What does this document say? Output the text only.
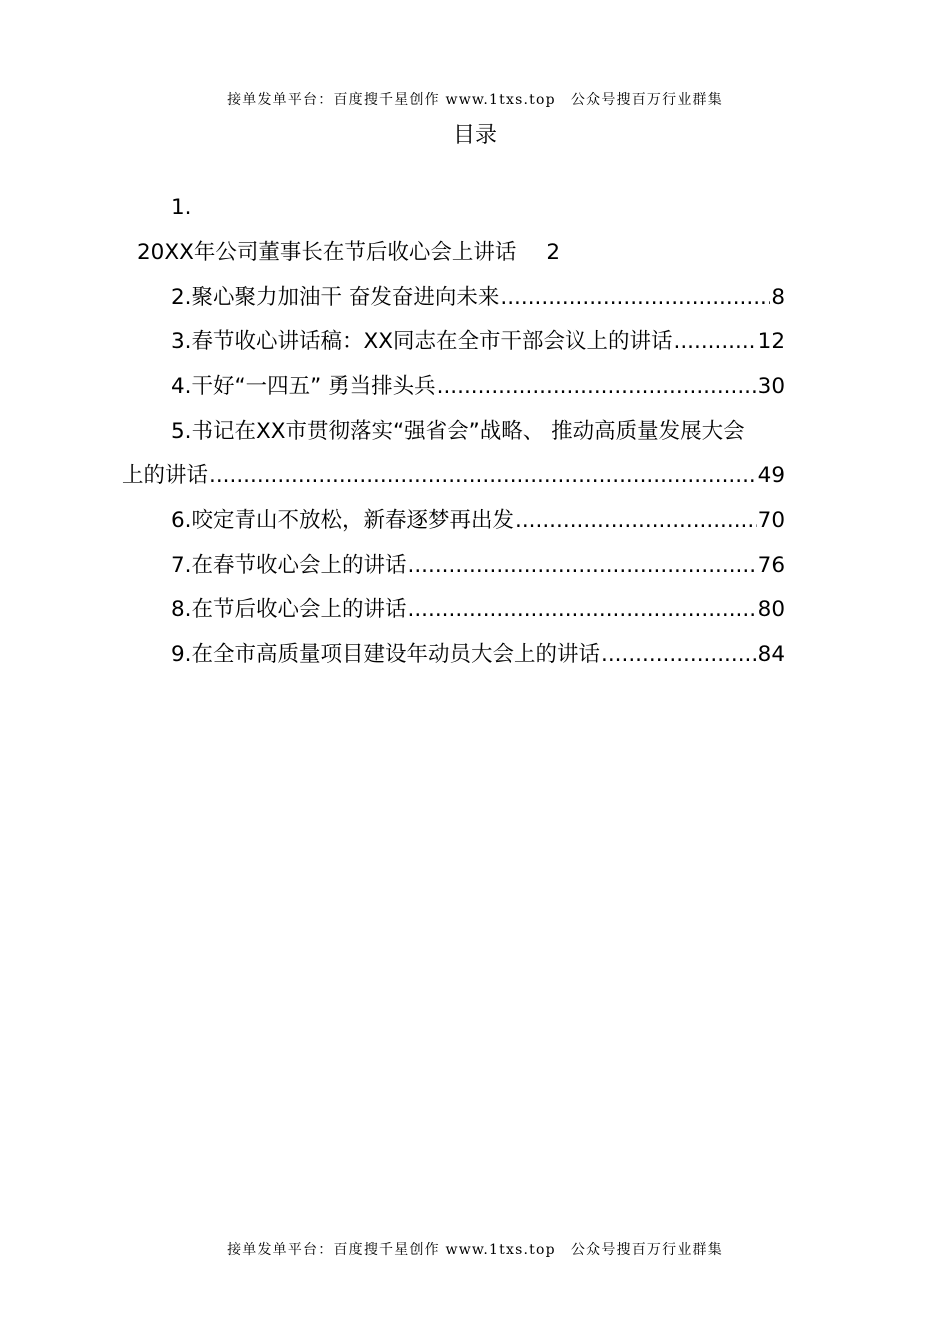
接单发单平台：百度搜千星创作 www.1txs.top　公众号搜百万行业群集
目录
1.
20XX年公司董事长在节后收心会上讲话 2
2.聚心聚力加油干 奋发奋进向未来 .....	8
3.春节收心讲话稿：XX同志在全市干部会议上的讲话 .....	12
4.干好“一四五” 勇当排头兵 .....	30
5.书记在XX市贯彻落实“强省会”战略、 推动高质量发展大会
上的讲话 .....	49
6.咬定青山不放松，新春逐梦再出发 .....	70
7.在春节收心会上的讲话 .....	76
8.在节后收心会上的讲话 .....	80
9.在全市高质量项目建设年动员大会上的讲话 .....	84
接单发单平台：百度搜千星创作 www.1txs.top　公众号搜百万行业群集
